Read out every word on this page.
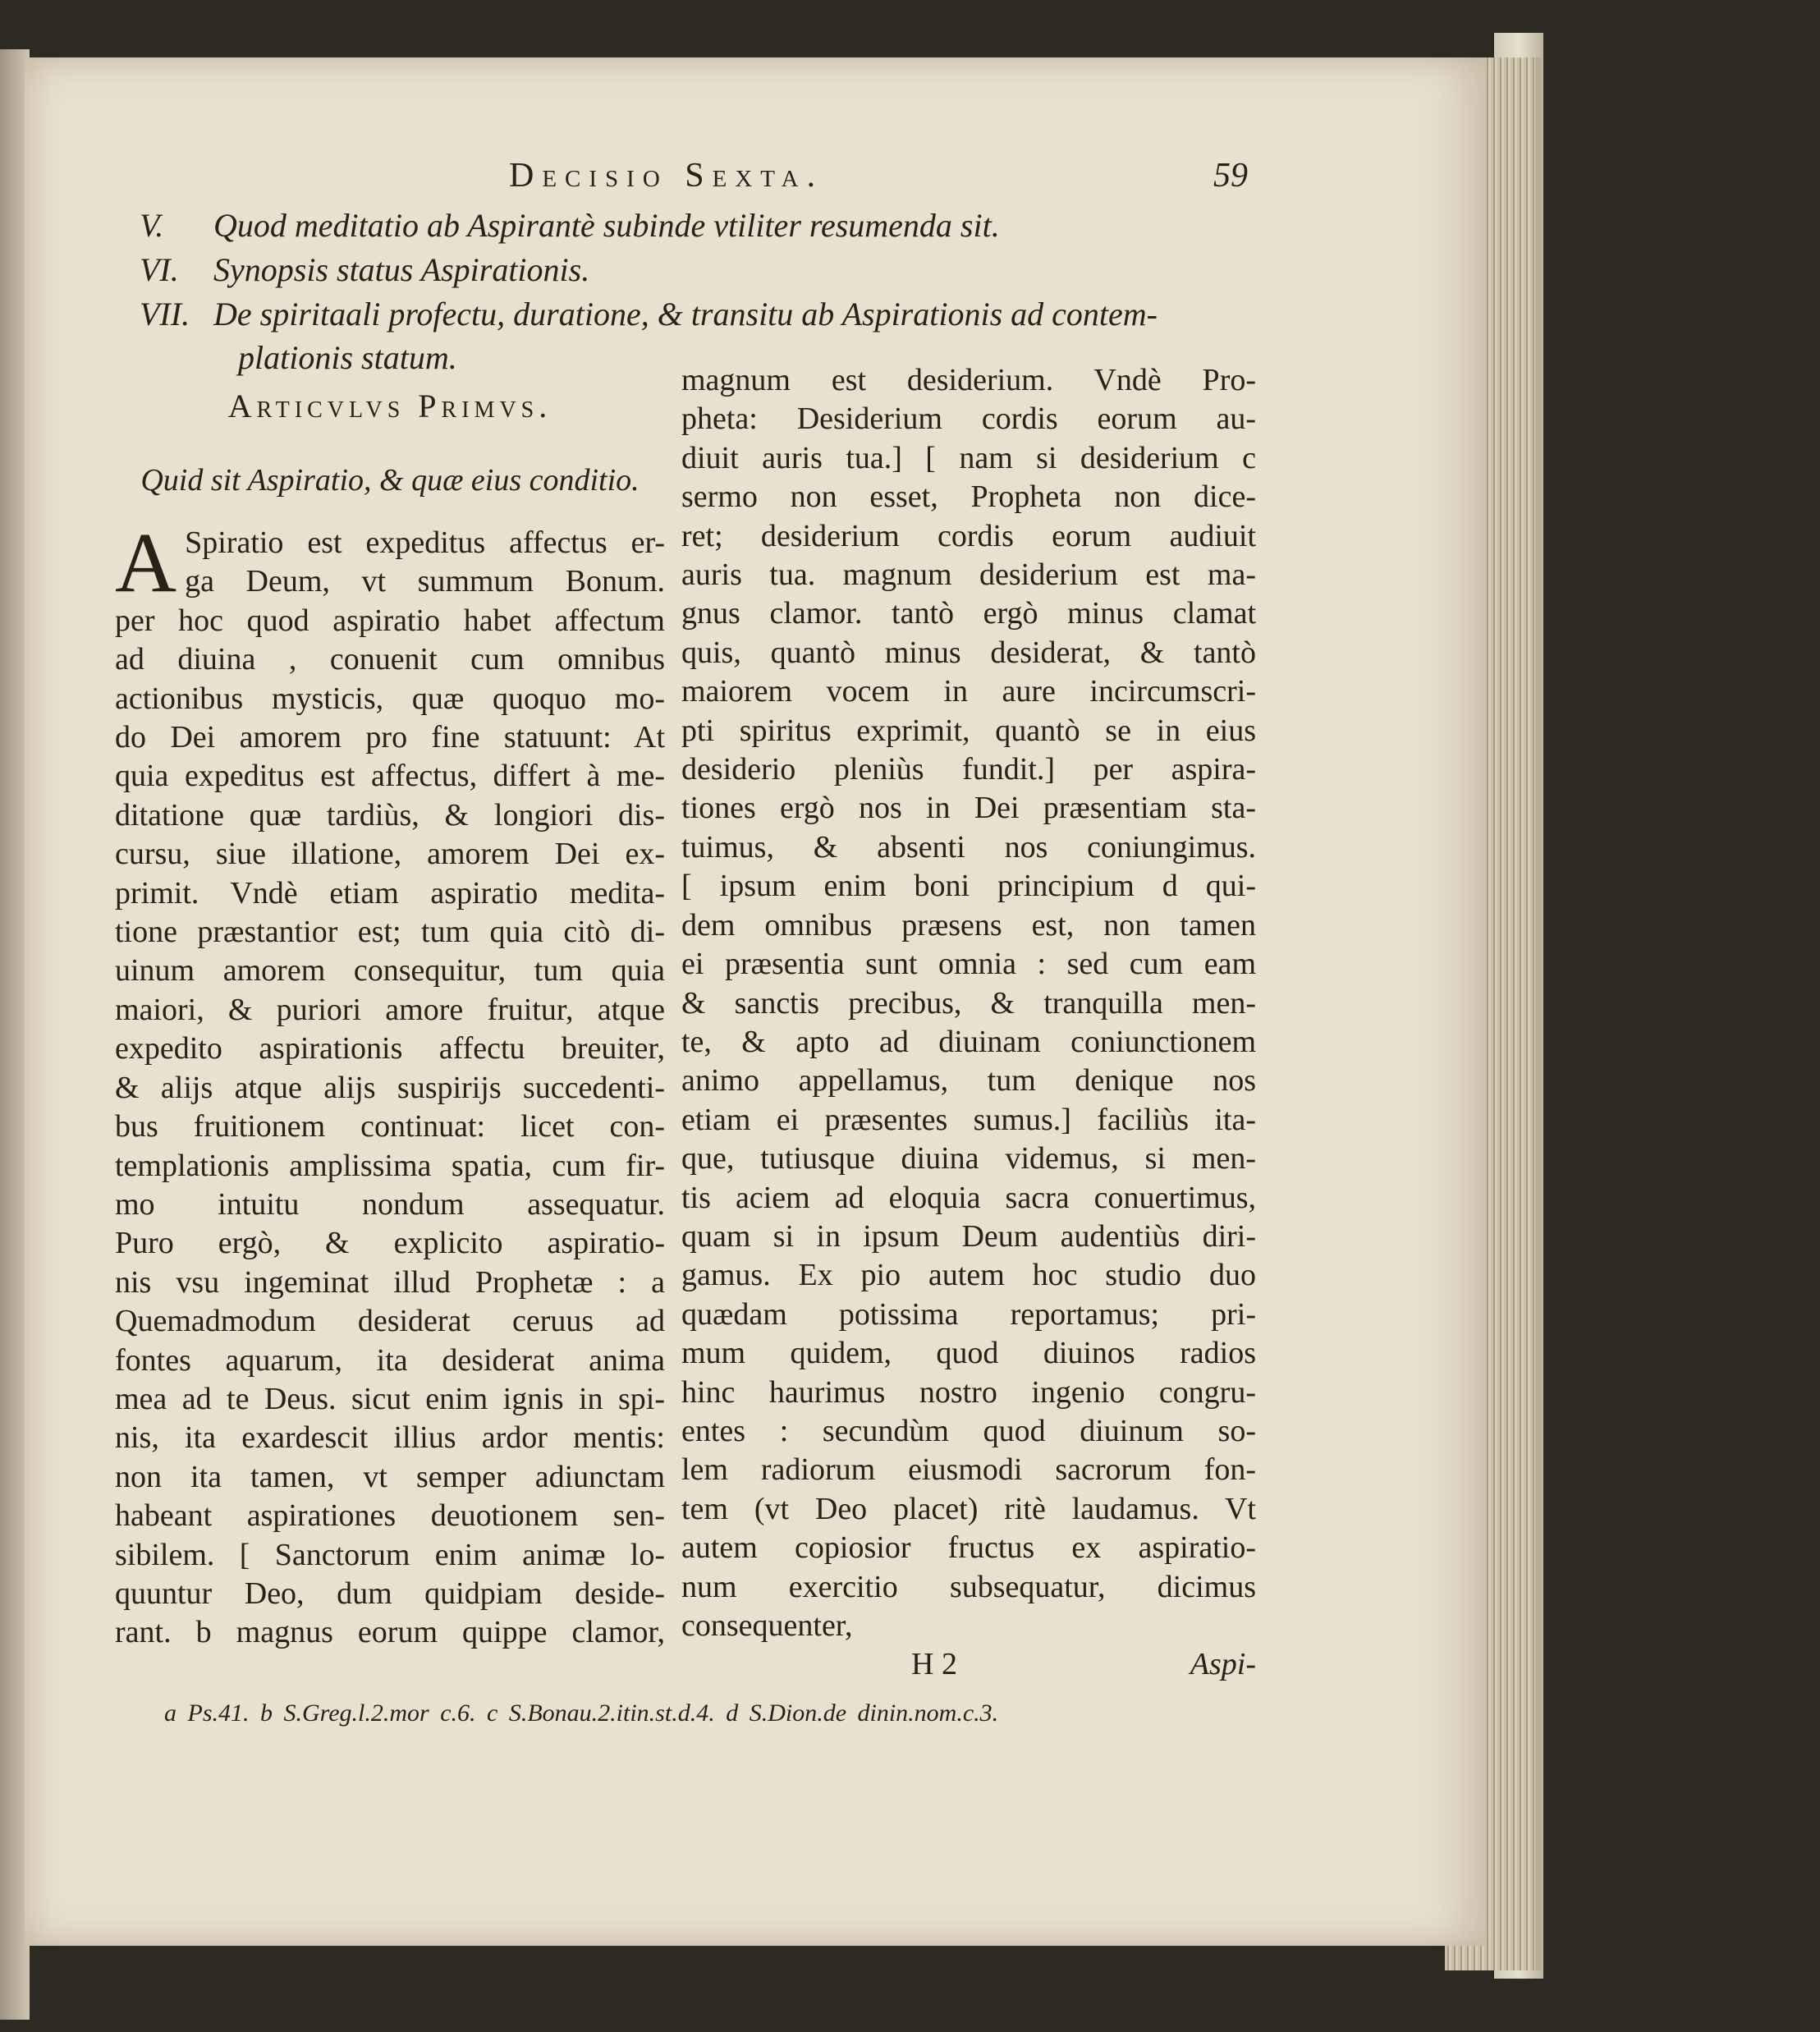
Decisio Sexta.	59
V. Quod meditatio ab Aspirantè subinde vtiliter resumenda sit.
VI. Synopsis status Aspirationis.
VII. De spiritaali profectu, duratione, & transitu ab Aspirationis ad contem-
plationis statum.
Articvlvs Primvs.
Quid sit Aspiratio, & quæ eius conditio.
A Spiratio est expeditus affectus er-
ga Deum, vt summum Bonum.
per hoc quod aspiratio habet affectum
ad diuina , conuenit cum omnibus
actionibus mysticis, quæ quoquo mo-
do Dei amorem pro fine statuunt: At
quia expeditus est affectus, differt à me-
ditatione quæ tardiùs, & longiori dis-
cursu, siue illatione, amorem Dei ex-
primit. Vndè etiam aspiratio medita-
tione præstantior est; tum quia citò di-
uinum amorem consequitur, tum quia
maiori, & puriori amore fruitur, atque
expedito aspirationis affectu breuiter,
& alijs atque alijs suspirijs succedenti-
bus fruitionem continuat: licet con-
templationis amplissima spatia, cum fir-
mo intuitu nondum assequatur.
Puro ergò, & explicito aspiratio-
nis vsu ingeminat illud Prophetæ : a
Quemadmodum desiderat ceruus ad
fontes aquarum, ita desiderat anima
mea ad te Deus. sicut enim ignis in spi-
nis, ita exardescit illius ardor mentis:
non ita tamen, vt semper adiunctam
habeant aspirationes deuotionem sen-
sibilem. [ Sanctorum enim animæ lo-
quuntur Deo, dum quidpiam deside-
rant. b magnus eorum quippe clamor,
magnum est desiderium. Vndè Pro-
pheta: Desiderium cordis eorum au-
diuit auris tua.] [ nam si desiderium c
sermo non esset, Propheta non dice-
ret; desiderium cordis eorum audiuit
auris tua. magnum desiderium est ma-
gnus clamor. tantò ergò minus clamat
quis, quantò minus desiderat, & tantò
maiorem vocem in aure incircumscri-
pti spiritus exprimit, quantò se in eius
desiderio pleniùs fundit.] per aspira-
tiones ergò nos in Dei præsentiam sta-
tuimus, & absenti nos coniungimus.
[ ipsum enim boni principium d qui-
dem omnibus præsens est, non tamen
ei præsentia sunt omnia : sed cum eam
& sanctis precibus, & tranquilla men-
te, & apto ad diuinam coniunctionem
animo appellamus, tum denique nos
etiam ei præsentes sumus.] faciliùs ita-
que, tutiusque diuina videmus, si men-
tis aciem ad eloquia sacra conuertimus,
quam si in ipsum Deum audentiùs diri-
gamus. Ex pio autem hoc studio duo
quædam potissima reportamus; pri-
mum quidem, quod diuinos radios
hinc haurimus nostro ingenio congru-
entes : secundùm quod diuinum so-
lem radiorum eiusmodi sacrorum fon-
tem (vt Deo placet) ritè laudamus. Vt
autem copiosior fructus ex aspiratio-
num exercitio subsequatur, dicimus
consequenter,
H 2	Aspi-
a Ps.41. b S.Greg.l.2.mor c.6. c S.Bonau.2.itin.st.d.4. d S.Dion.de dinin.nom.c.3.
